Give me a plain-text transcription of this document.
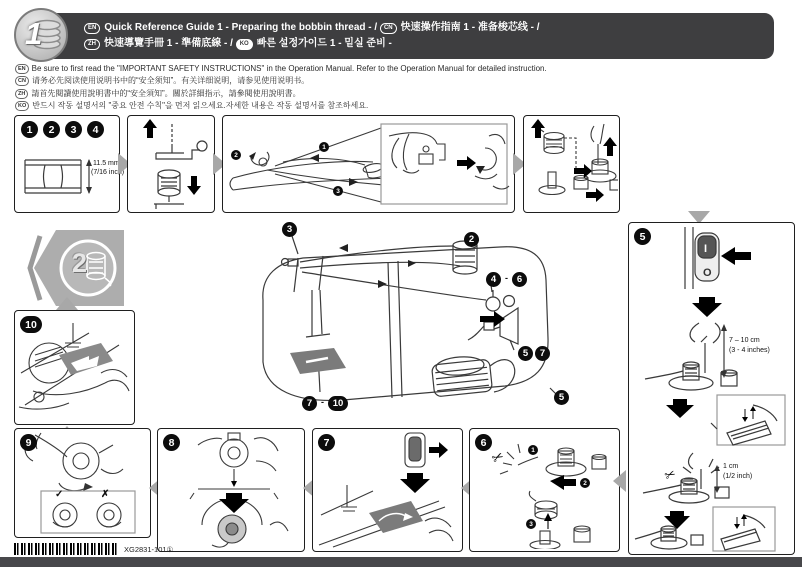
EN Quick Reference Guide 1 - Preparing the bobbin thread - / CN 快速操作指南 1 - 准备梭芯线 - /
ZH 快速導覽手冊 1 - 準備底線 - / KO 빠른 설정가이드 1 - 밑실 준비 -
1
EN Be sure to first read the "IMPORTANT SAFETY INSTRUCTIONS" in the Operation Manual. Refer to the Operation Manual for detailed instruction.
CN 请务必先阅读使用说明书中的“安全须知”。有关详细说明，请参见使用说明书。
ZH 請首先閱讀使用說明書中的“安全須知”。關於詳細指示，請參閱使用說明書。
KO 반드시 작동 설명서의 "중요 안전 수칙"을 먼저 읽으세요.자세한 내용은 작동 설명서를 참조하세요.
1	2	3	4
11.5 mm
(7/16 inch)
1
2
3
5
I
O
7 – 10 cm
(3 - 4 inches)
1 cm
(1/2 inch)
✂
3
2
4 - 6
5	7
7 - 10
5
2
10
9
✓	✗
8	7	6
✂	1
2
3
XG2831-101①
